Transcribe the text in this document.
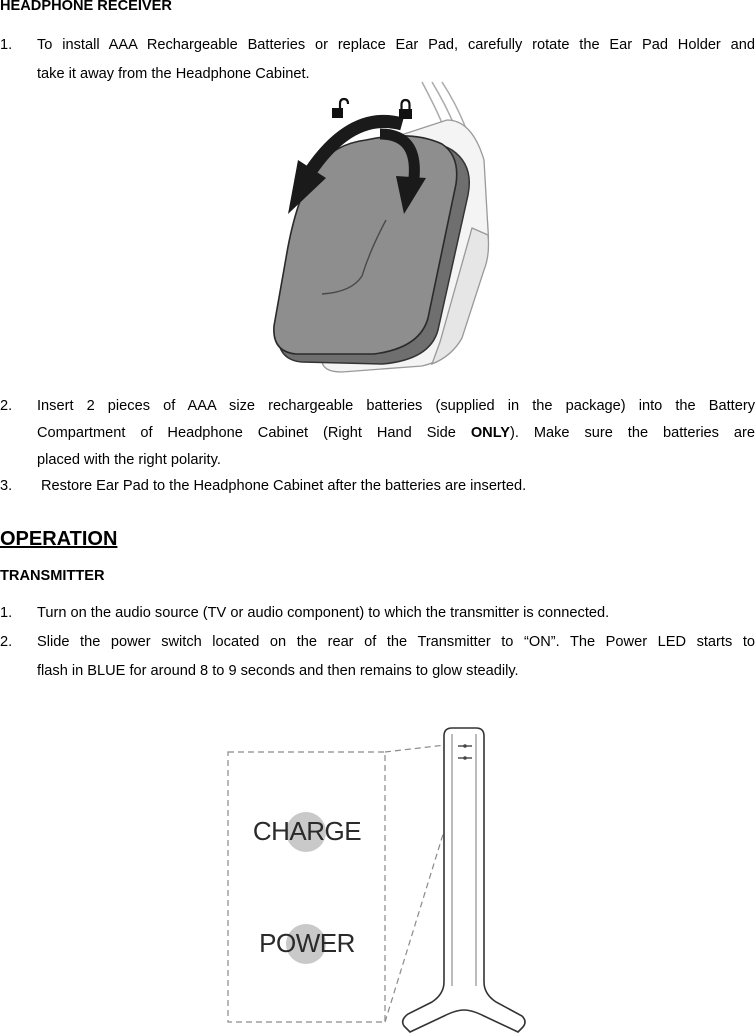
HEADPHONE RECEIVER
1. To install AAA Rechargeable Batteries or replace Ear Pad, carefully rotate the Ear Pad Holder and
take it away from the Headphone Cabinet.
2. Insert 2 pieces of AAA size rechargeable batteries (supplied in the package) into the Battery
Compartment of Headphone Cabinet (Right Hand Side ONLY). Make sure the batteries are
placed with the right polarity.
3. Restore Ear Pad to the Headphone Cabinet after the batteries are inserted.
OPERATION
TRANSMITTER
1. Turn on the audio source (TV or audio component) to which the transmitter is connected.
2. Slide the power switch located on the rear of the Transmitter to “ON”. The Power LED starts to
flash in BLUE for around 8 to 9 seconds and then remains to glow steadily.
CHARGE
POWER
